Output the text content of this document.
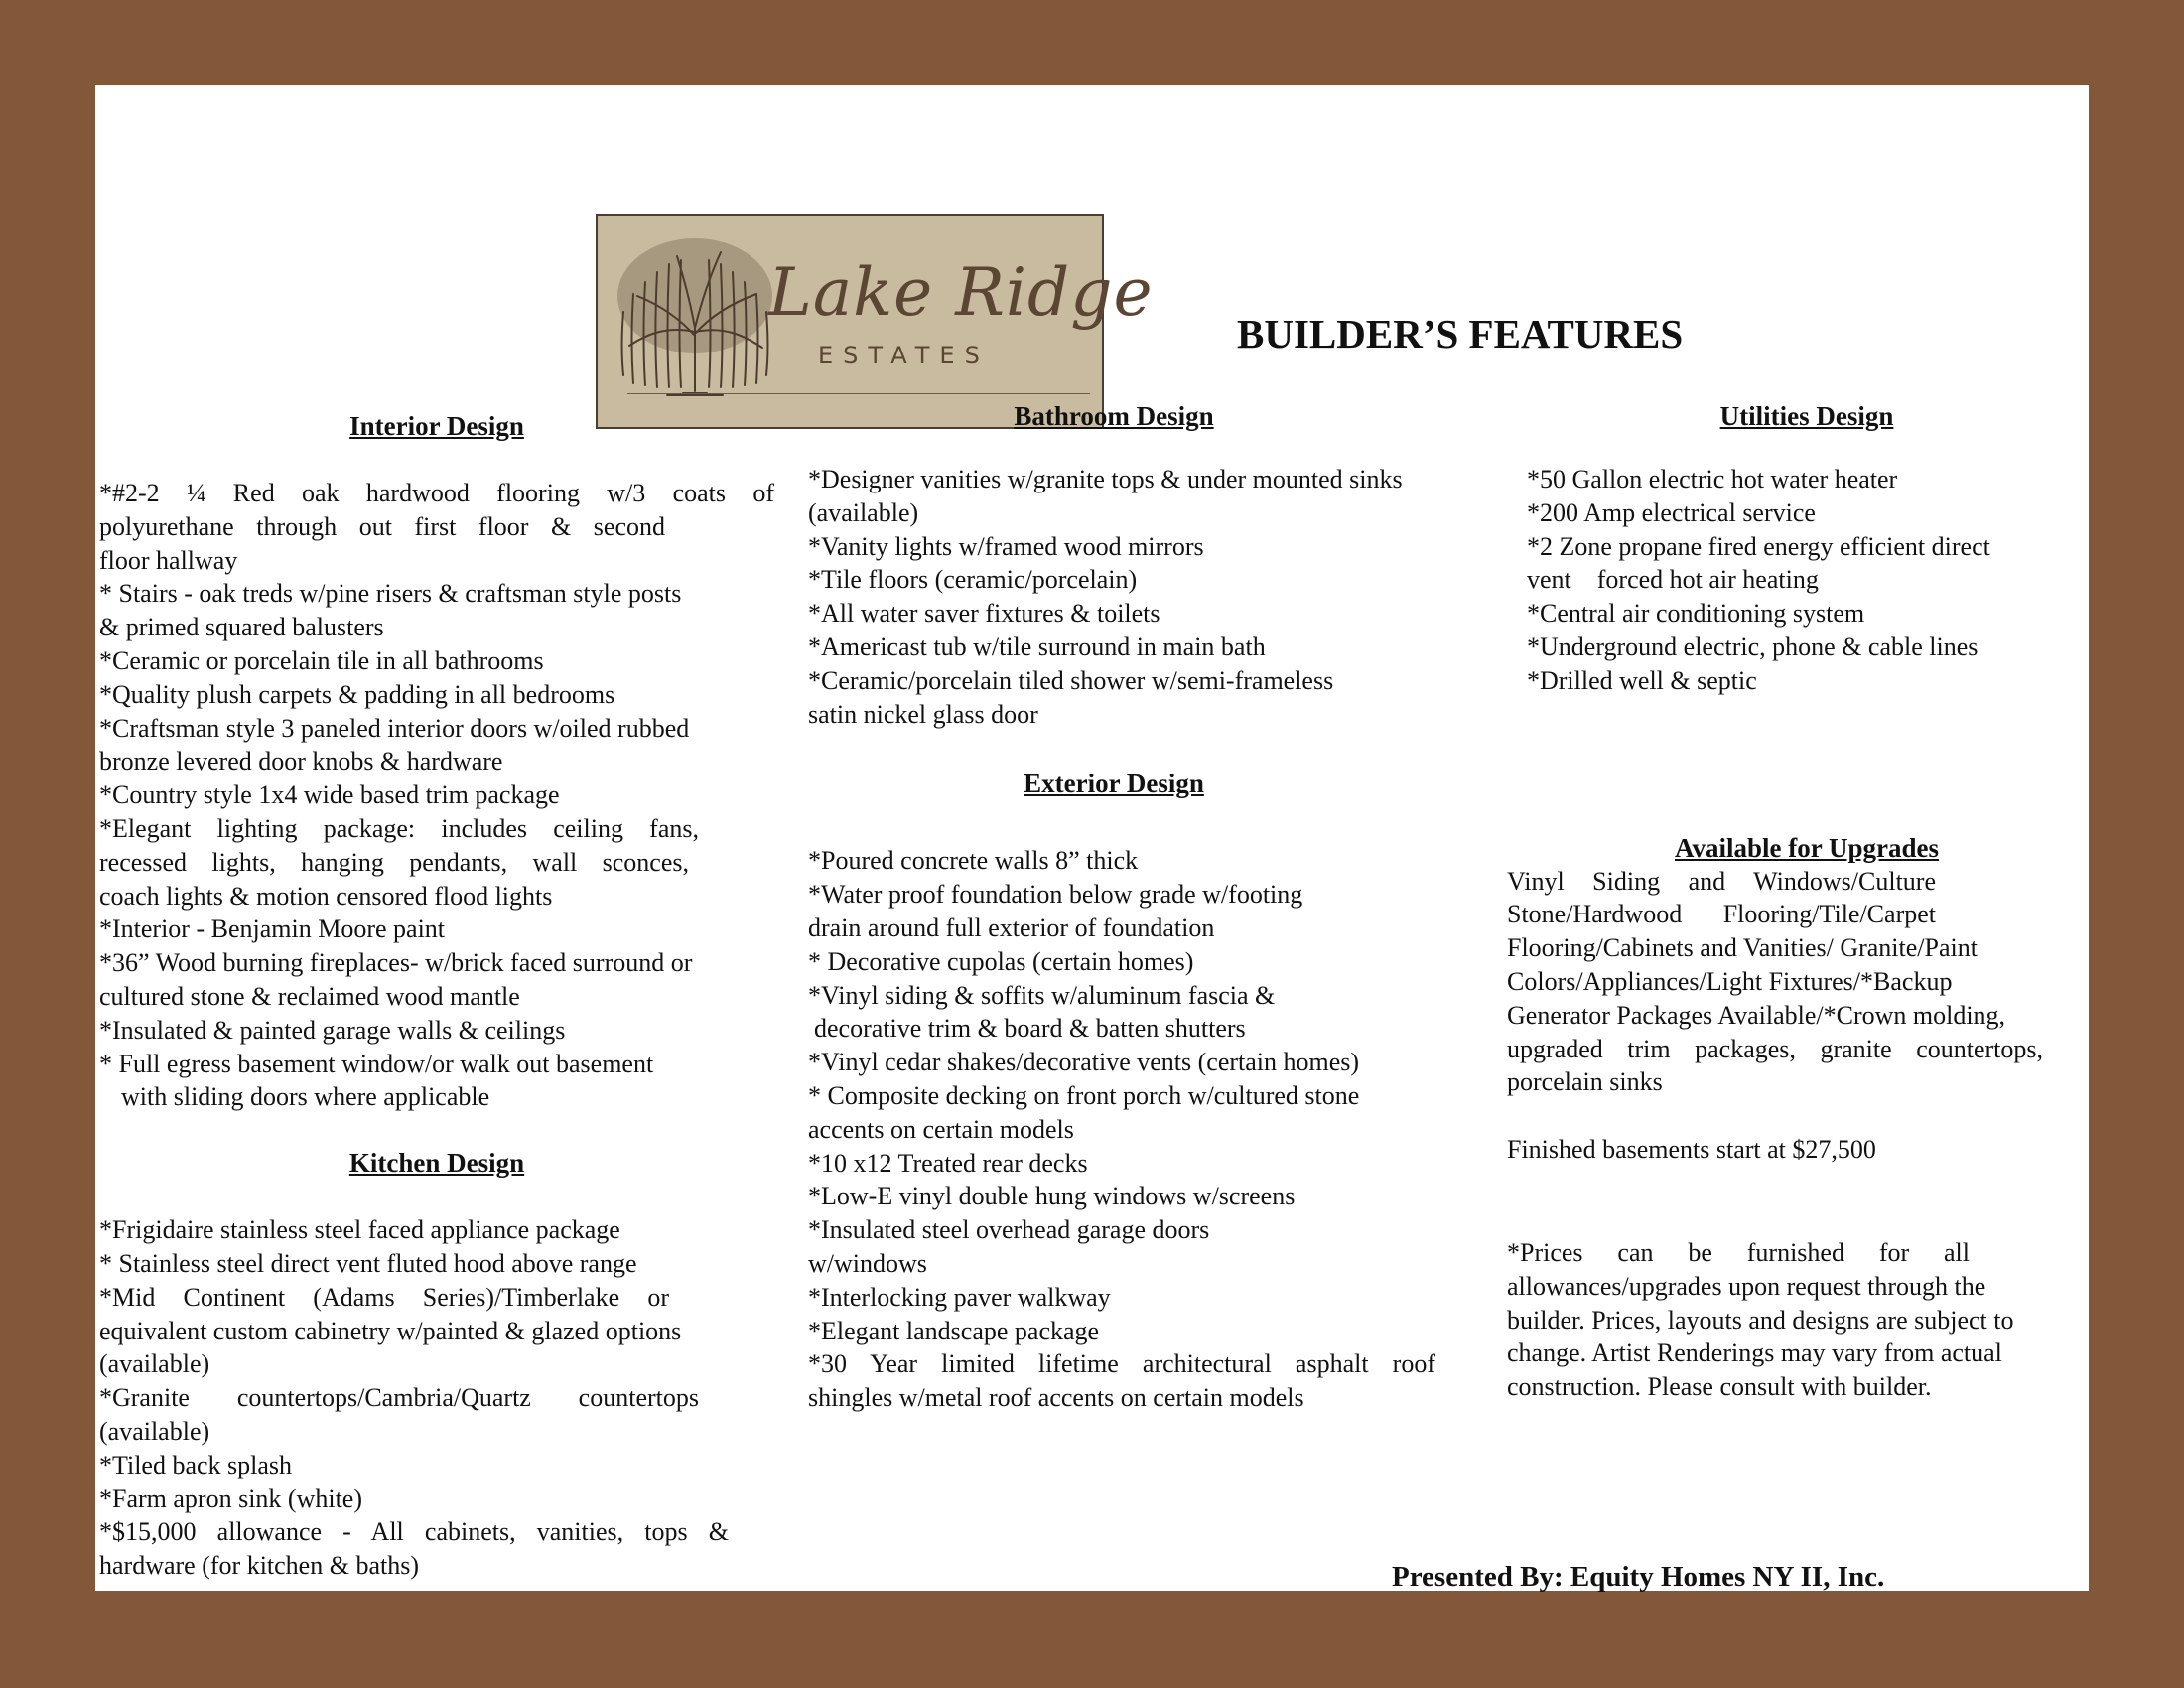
Lake Ridge
ESTATES	BUILDER’S FEATURES
Interior Design

*#2-2 ¼ Red oak hardwood flooring w/3 coats of

polyurethane through out first floor & second

floor hallway

* Stairs - oak treds w/pine risers & craftsman style posts

& primed squared balusters

*Ceramic or porcelain tile in all bathrooms

*Quality plush carpets & padding in all bedrooms

*Craftsman style 3 paneled interior doors w/oiled rubbed

bronze levered door knobs & hardware

*Country style 1x4 wide based trim package

*Elegant lighting package: includes ceiling fans,

recessed lights, hanging pendants, wall sconces,

coach lights & motion censored flood lights

*Interior - Benjamin Moore paint

*36” Wood burning fireplaces- w/brick faced surround or

cultured stone & reclaimed wood mantle

*Insulated & painted garage walls & ceilings

* Full egress basement window/or walk out basement

with sliding doors where applicable

Kitchen Design

*Frigidaire stainless steel faced appliance package

* Stainless steel direct vent fluted hood above range

*Mid Continent (Adams Series)/Timberlake or

equivalent custom cabinetry w/painted & glazed options

(available)

*Granite countertops/Cambria/Quartz countertops

(available)

*Tiled back splash

*Farm apron sink (white)

*$15,000 allowance - All cabinets, vanities, tops &

hardware (for kitchen & baths)

Bathroom Design

*Designer vanities w/granite tops & under mounted sinks

(available)

*Vanity lights w/framed wood mirrors

*Tile floors (ceramic/porcelain)

*All water saver fixtures & toilets

*Americast tub w/tile surround in main bath

*Ceramic/porcelain tiled shower w/semi-frameless

satin nickel glass door

Exterior Design

*Poured concrete walls 8” thick

*Water proof foundation below grade w/footing

drain around full exterior of foundation

* Decorative cupolas (certain homes)

*Vinyl siding & soffits w/aluminum fascia &

decorative trim & board & batten shutters

*Vinyl cedar shakes/decorative vents (certain homes)

* Composite decking on front porch w/cultured stone

accents on certain models

*10 x12 Treated rear decks

*Low-E vinyl double hung windows w/screens

*Insulated steel overhead garage doors

w/windows

*Interlocking paver walkway

*Elegant landscape package

*30 Year limited lifetime architectural asphalt roof

shingles w/metal roof accents on certain models

Utilities Design

*50 Gallon electric hot water heater

*200 Amp electrical service

*2 Zone propane fired energy efficient direct

vent    forced hot air heating

*Central air conditioning system

*Underground electric, phone & cable lines

*Drilled well & septic

Available for Upgrades

Vinyl Siding and Windows/Culture

Stone/Hardwood Flooring/Tile/Carpet

Flooring/Cabinets and Vanities/ Granite/Paint

Colors/Appliances/Light Fixtures/*Backup

Generator Packages Available/*Crown molding,

upgraded trim packages, granite countertops,

porcelain sinks

Finished basements start at $27,500

*Prices can be furnished for all

allowances/upgrades upon request through the

builder. Prices, layouts and designs are subject to

change. Artist Renderings may vary from actual

construction. Please consult with builder.

Presented By: Equity Homes NY II, Inc.
